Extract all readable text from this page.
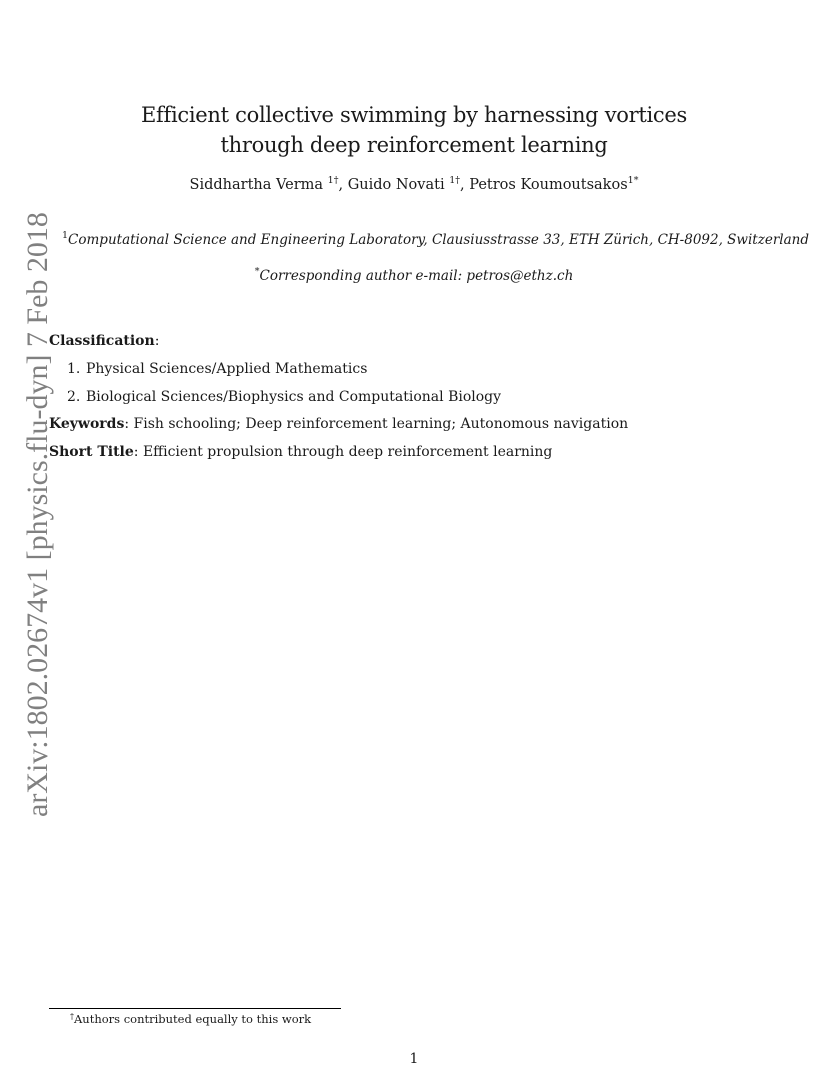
Efficient collective swimming by harnessing vortices
through deep reinforcement learning
Siddhartha Verma $^{1\dagger}$, Guido Novati $^{1\dagger}$, Petros Koumoutsakos$^{1*}$
$^1$Computational Science and Engineering Laboratory, Clausiusstrasse 33, ETH Zürich, CH-8092, Switzerland
*Corresponding author e-mail: petros@ethz.ch
Classification:
1. Physical Sciences/Applied Mathematics
2. Biological Sciences/Biophysics and Computational Biology
Keywords: Fish schooling; Deep reinforcement learning; Autonomous navigation
Short Title: Efficient propulsion through deep reinforcement learning
arXiv:1802.02674v1 [physics.flu-dyn] 7 Feb 2018
†Authors contributed equally to this work
1
